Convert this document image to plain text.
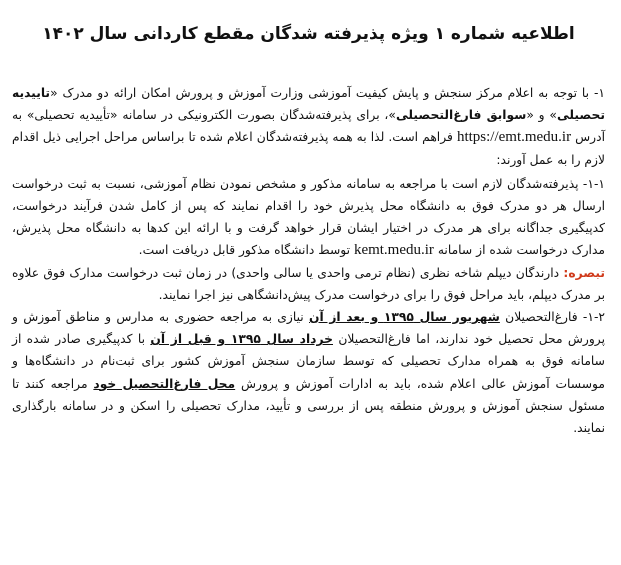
اطلاعیه شماره ۱ ویژه پذیرفته شدگان مقطع کاردانی سال ۱۴۰۲

۱- با توجه به اعلام مرکز سنجش و پایش کیفیت آموزشی وزارت آموزش و پرورش امکان ارائه دو مدرک «تاییدیه تحصیلی» و «سوابق فارغ‌التحصیلی»، برای پذیرفته‌شدگان بصورت الکترونیکی در سامانه «تأییدیه تحصیلی» به آدرس https://emt.medu.ir فراهم است. لذا به همه پذیرفته‌شدگان اعلام شده تا براساس مراحل اجرایی ذیل اقدام لازم را به عمل آورند:

۱-۱- پذیرفته‌شدگان لازم است با مراجعه به سامانه مذکور و مشخص نمودن نظام آموزشی، نسبت به ثبت درخواست ارسال هر دو مدرک فوق به دانشگاه محل پذیرش خود را اقدام نمایند که پس از کامل شدن فرآیند درخواست، کدپیگیری جداگانه برای هر مدرک در اختیار ایشان قرار خواهد گرفت و با ارائه این کدها به دانشگاه محل پذیرش، مدارک درخواست شده از سامانه kemt.medu.ir توسط دانشگاه مذکور قابل دریافت است.

تبصره: دارندگان دیپلم شاخه نظری (نظام ترمی واحدی یا سالی واحدی) در زمان ثبت درخواست مدارک فوق علاوه بر مدرک دیپلم، باید مراحل فوق را برای درخواست مدرک پیش‌دانشگاهی نیز اجرا نمایند.

۱-۲- فارغ‌التحصیلان شهریور سال ۱۳۹۵ و بعد از آن نیازی به مراجعه حضوری به مدارس و مناطق آموزش و پرورش محل تحصیل خود ندارند، اما فارغ‌التحصیلان خرداد سال ۱۳۹۵ و قبل از آن با کدپیگیری صادر شده از سامانه فوق به همراه مدارک تحصیلی که توسط سازمان سنجش آموزش کشور برای ثبت‌نام در دانشگاه‌ها و موسسات آموزش عالی اعلام شده، باید به ادارات آموزش و پرورش محل فارغ‌التحصیل خود مراجعه کنند تا مسئول سنجش آموزش و پرورش منطقه پس از بررسی و تأیید، مدارک تحصیلی را اسکن و در سامانه بارگذاری نمایند.
